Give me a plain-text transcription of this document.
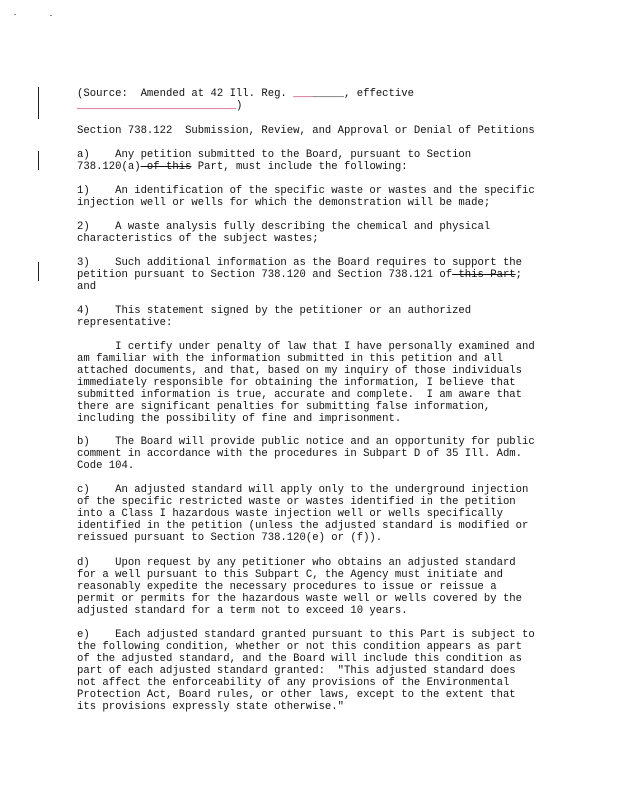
(Source:  Amended at 42 Ill. Reg. ________, effective
_________________________)
Section 738.122  Submission, Review, and Approval or Denial of Petitions
a)    Any petition submitted to the Board, pursuant to Section
738.120(a) of this Part, must include the following:
1)    An identification of the specific waste or wastes and the specific
injection well or wells for which the demonstration will be made;
2)    A waste analysis fully describing the chemical and physical
characteristics of the subject wastes;
3)    Such additional information as the Board requires to support the
petition pursuant to Section 738.120 and Section 738.121 of this Part;
and
4)    This statement signed by the petitioner or an authorized
representative:
I certify under penalty of law that I have personally examined and
am familiar with the information submitted in this petition and all
attached documents, and that, based on my inquiry of those individuals
immediately responsible for obtaining the information, I believe that
submitted information is true, accurate and complete.  I am aware that
there are significant penalties for submitting false information,
including the possibility of fine and imprisonment.
b)    The Board will provide public notice and an opportunity for public
comment in accordance with the procedures in Subpart D of 35 Ill. Adm.
Code 104.
c)    An adjusted standard will apply only to the underground injection
of the specific restricted waste or wastes identified in the petition
into a Class I hazardous waste injection well or wells specifically
identified in the petition (unless the adjusted standard is modified or
reissued pursuant to Section 738.120(e) or (f)).
d)    Upon request by any petitioner who obtains an adjusted standard
for a well pursuant to this Subpart C, the Agency must initiate and
reasonably expedite the necessary procedures to issue or reissue a
permit or permits for the hazardous waste well or wells covered by the
adjusted standard for a term not to exceed 10 years.
e)    Each adjusted standard granted pursuant to this Part is subject to
the following condition, whether or not this condition appears as part
of the adjusted standard, and the Board will include this condition as
part of each adjusted standard granted:  "This adjusted standard does
not affect the enforceability of any provisions of the Environmental
Protection Act, Board rules, or other laws, except to the extent that
its provisions expressly state otherwise."
